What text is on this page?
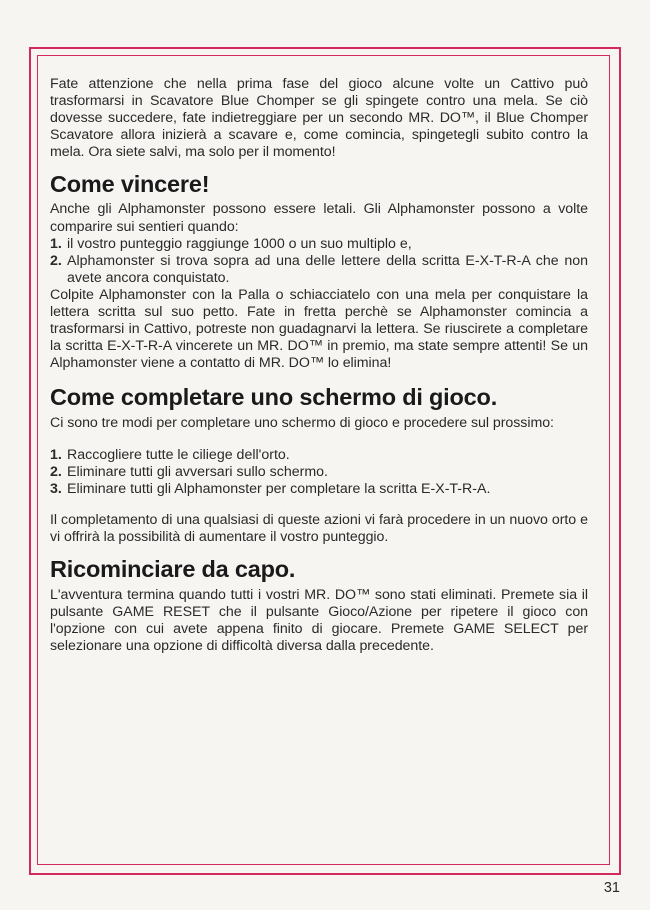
Fate attenzione che nella prima fase del gioco alcune volte un Cattivo può trasformarsi in Scavatore Blue Chomper se gli spingete contro una mela. Se ciò dovesse succedere, fate indietreggiare per un secondo MR. DO™, il Blue Chomper Scavatore allora inizierà a scavare e, come comincia, spingetegli subito contro la mela. Ora siete salvi, ma solo per il momento!

Come vincere!

Anche gli Alphamonster possono essere letali. Gli Alphamonster possono a volte comparire sui sentieri quando:

1. il vostro punteggio raggiunge 1000 o un suo multiplo e,
2. Alphamonster si trova sopra ad una delle lettere della scritta E-X-T-R-A che non avete ancora conquistato.

Colpite Alphamonster con la Palla o schiacciatelo con una mela per conquistare la lettera scritta sul suo petto. Fate in fretta perchè se Alphamonster comincia a trasformarsi in Cattivo, potreste non guadagnarvi la lettera. Se riuscirete a completare la scritta E-X-T-R-A vincerete un MR. DO™ in premio, ma state sempre attenti! Se un Alphamonster viene a contatto di MR. DO™ lo elimina!

Come completare uno schermo di gioco.

Ci sono tre modi per completare uno schermo di gioco e procedere sul prossimo:

1. Raccogliere tutte le ciliege dell'orto.
2. Eliminare tutti gli avversari sullo schermo.
3. Eliminare tutti gli Alphamonster per completare la scritta E-X-T-R-A.

Il completamento di una qualsiasi di queste azioni vi farà procedere in un nuovo orto e vi offrirà la possibilità di aumentare il vostro punteggio.

Ricominciare da capo.

L'avventura termina quando tutti i vostri MR. DO™ sono stati eliminati. Premete sia il pulsante GAME RESET che il pulsante Gioco/Azione per ripetere il gioco con l'opzione con cui avete appena finito di giocare. Premete GAME SELECT per selezionare una opzione di difficoltà diversa dalla precedente.

31
